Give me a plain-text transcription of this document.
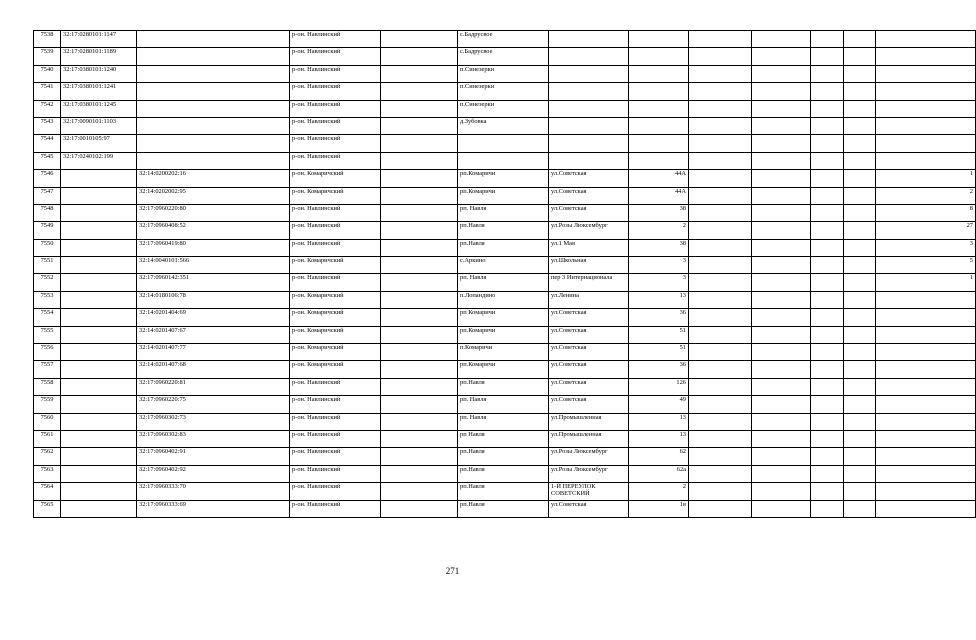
7538	32:17:0280101:1147		р-он. Навлинский		с.Бадрусвое							
7539	32:17:0280101:1189		р-он. Навлинский		с.Бадрусвое							
7540	32:17:0380101:1240		р-он. Навлинский		п.Синезерки							
7541	32:17:0380101:1241		р-он. Навлинский		п.Синезерки							
7542	32:17:0380101:1245		р-он. Навлинский		п.Синезерки							
7543	32:17:0090101:1103		р-он. Навлинский		д.Зубовка							
7544	32:17:0010105:97		р-он. Навлинский									
7545	32:17:0240102:199		р-он. Навлинский									
7546		32:14:0200202:16	р-он. Комаричский		рп.Комаричи	ул.Советская	44А					1
7547		32:14:0202002:95	р-он. Комаричский		рп.Комаричи	ул.Советская	44А					2
7548		32:17:0960220:80	р-он. Навлинский		рп. Навля	ул.Советская	38					8
7549		32:17:0960408:52	р-он. Навлинский		рп.Навля	ул.Розы Люксембург	2					27
7550		32:17:0960419:80	р-он. Навлинский		рп.Навля	ул.1 Мая	38					3
7551		32:14:0040101:566	р-он. Комаричский		с.Аркино	ул.Школьная	3					5
7552		32:17:0960142:351	р-он. Навлинский		рп. Навля	пер 3 Интернационала	3					1
7553		32:14:0180106:78	р-он. Комаричский		п.Лопандино	ул.Ленина	13					
7554		32:14:0201404:69	р-он. Комаричский		рп Комаричи	ул.Советская	36					
7555		32:14:0201407:67	р-он. Комаричский		рп.Комаричи	ул.Советская	51					
7556		32:14:0201407:77	р-он. Комаричский		п.Комаричи	ул.Советская	51					
7557		32:14:0201407:68	р-он. Комаричский		рп.Комаричи	ул.Советская	36					
7558		32:17:0960220:81	р-он. Навлинский		рп.Навля	ул.Советская	126					
7559		32:17:0960220:75	р-он. Навлинский		рп. Навля	ул.Советская	49					
7560		32:17:0960302:73	р-он. Навлинский		рп. Навля	ул.Промышленная	13					
7561		32:17:0960302:83	р-он. Навлинский		рп Навля	ул.Промышленная	13					
7562		32:17:0960402:91	р-он. Навлинский		рп.Навля	ул.Розы Люксембург	62					
7563		32:17:0960402:92	р-он. Навлинский		рп.Навля	ул.Розы Люксембург	62а					
7564		32:17:0960333:70	р-он. Навлинский		рп.Навля	1-Й ПЕРЕУЛОК СОВЕТСКИЙ	2					
7565		32:17:0960333:69	р-он. Навлинский		рп.Навля	ул.Советская	1в					
271
